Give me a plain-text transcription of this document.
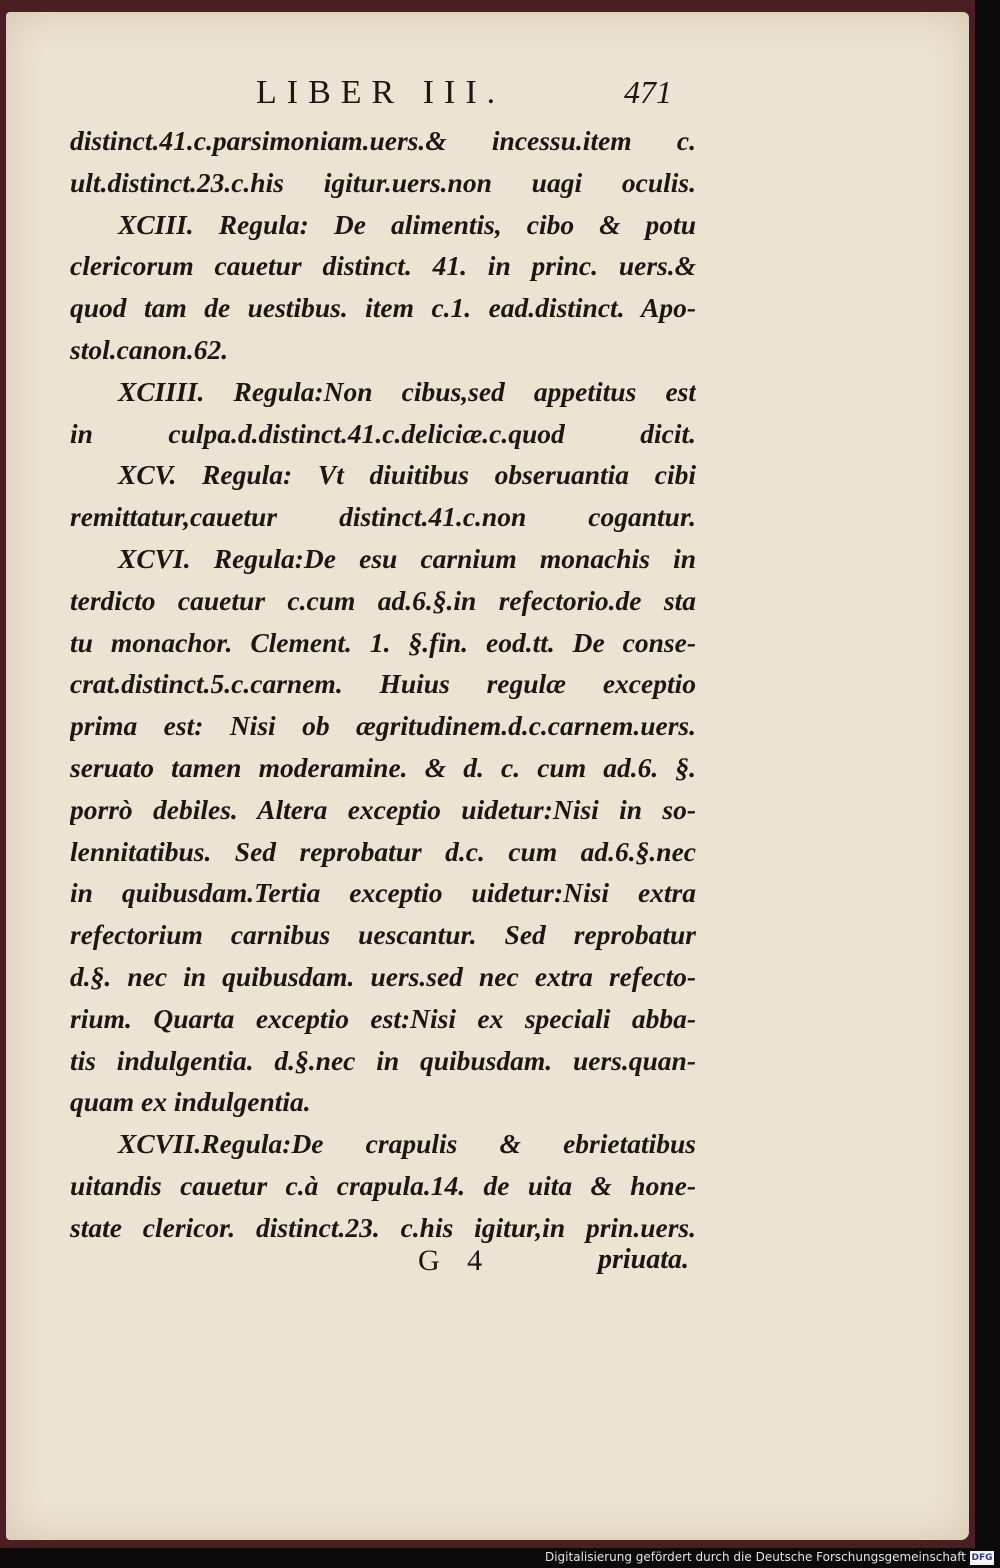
LIBER III.	471
distinct.41.c.parsimoniam.uers.& incessu.item c.
ult.distinct.23.c.his igitur.uers.non uagi oculis.
XCIII. Regula: De alimentis, cibo & potu
clericorum cauetur distinct. 41. in princ. uers.&
quod tam de uestibus. item c.1. ead.distinct. Apo-
stol.canon.62.
XCIIII. Regula:Non cibus,sed appetitus est
in culpa.d.distinct.41.c.deliciæ.c.quod dicit.
XCV. Regula: Vt diuitibus obseruantia cibi
remittatur,cauetur distinct.41.c.non cogantur.
XCVI. Regula:De esu carnium monachis in
terdicto cauetur c.cum ad.6.§.in refectorio.de sta
tu monachor. Clement. 1. §.fin. eod.tt. De conse-
crat.distinct.5.c.carnem. Huius regulæ exceptio
prima est: Nisi ob ægritudinem.d.c.carnem.uers.
seruato tamen moderamine. & d. c. cum ad.6. §.
porrò debiles. Altera exceptio uidetur:Nisi in so-
lennitatibus. Sed reprobatur d.c. cum ad.6.§.nec
in quibusdam.Tertia exceptio uidetur:Nisi extra
refectorium carnibus uescantur. Sed reprobatur
d.§. nec in quibusdam. uers.sed nec extra refecto-
rium. Quarta exceptio est:Nisi ex speciali abba-
tis indulgentia. d.§.nec in quibusdam. uers.quan-
quam ex indulgentia.
XCVII.Regula:De crapulis & ebrietatibus
uitandis cauetur c.à crapula.14. de uita & hone-
state clericor. distinct.23. c.his igitur,in prin.uers.
G 4	priuata.
Digitalisierung gefördert durch die Deutsche Forschungsgemeinschaft DFG
